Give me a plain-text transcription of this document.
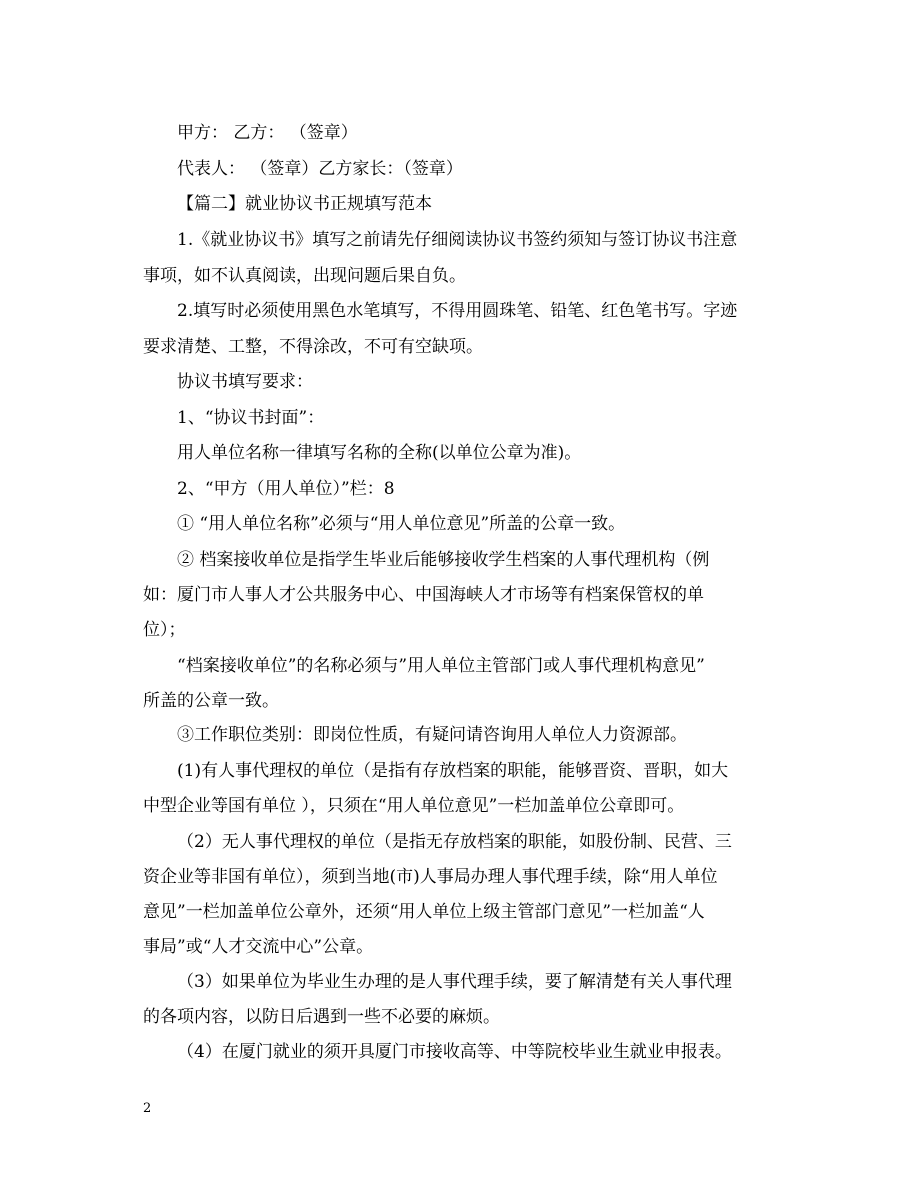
甲方： 乙方： （签章）
代表人： （签章）乙方家长：（签章）
【篇二】就业协议书正规填写范本
1.《就业协议书》填写之前请先仔细阅读协议书签约须知与签订协议书注意
事项，如不认真阅读，出现问题后果自负。
2.填写时必须使用黑色水笔填写，不得用圆珠笔、铅笔、红色笔书写。字迹
要求清楚、工整，不得涂改，不可有空缺项。
协议书填写要求：
1、“协议书封面”：
用人单位名称一律填写名称的全称(以单位公章为准)。
2、“甲方（用人单位）”栏：8
① “用人单位名称”必须与“用人单位意见”所盖的公章一致。
② 档案接收单位是指学生毕业后能够接收学生档案的人事代理机构（例
如：厦门市人事人才公共服务中心、中国海峡人才市场等有档案保管权的单
位）；
“档案接收单位”的名称必须与”用人单位主管部门或人事代理机构意见”
所盖的公章一致。
③工作职位类别：即岗位性质，有疑问请咨询用人单位人力资源部。
(1)有人事代理权的单位（是指有存放档案的职能，能够晋资、晋职，如大
中型企业等国有单位 ），只须在“用人单位意见”一栏加盖单位公章即可。
（2）无人事代理权的单位（是指无存放档案的职能，如股份制、民营、三
资企业等非国有单位），须到当地(市)人事局办理人事代理手续，除“用人单位
意见”一栏加盖单位公章外，还须“用人单位上级主管部门意见”一栏加盖“人
事局”或“人才交流中心”公章。
（3）如果单位为毕业生办理的是人事代理手续，要了解清楚有关人事代理
的各项内容，以防日后遇到一些不必要的麻烦。
（4）在厦门就业的须开具厦门市接收高等、中等院校毕业生就业申报表。
2
